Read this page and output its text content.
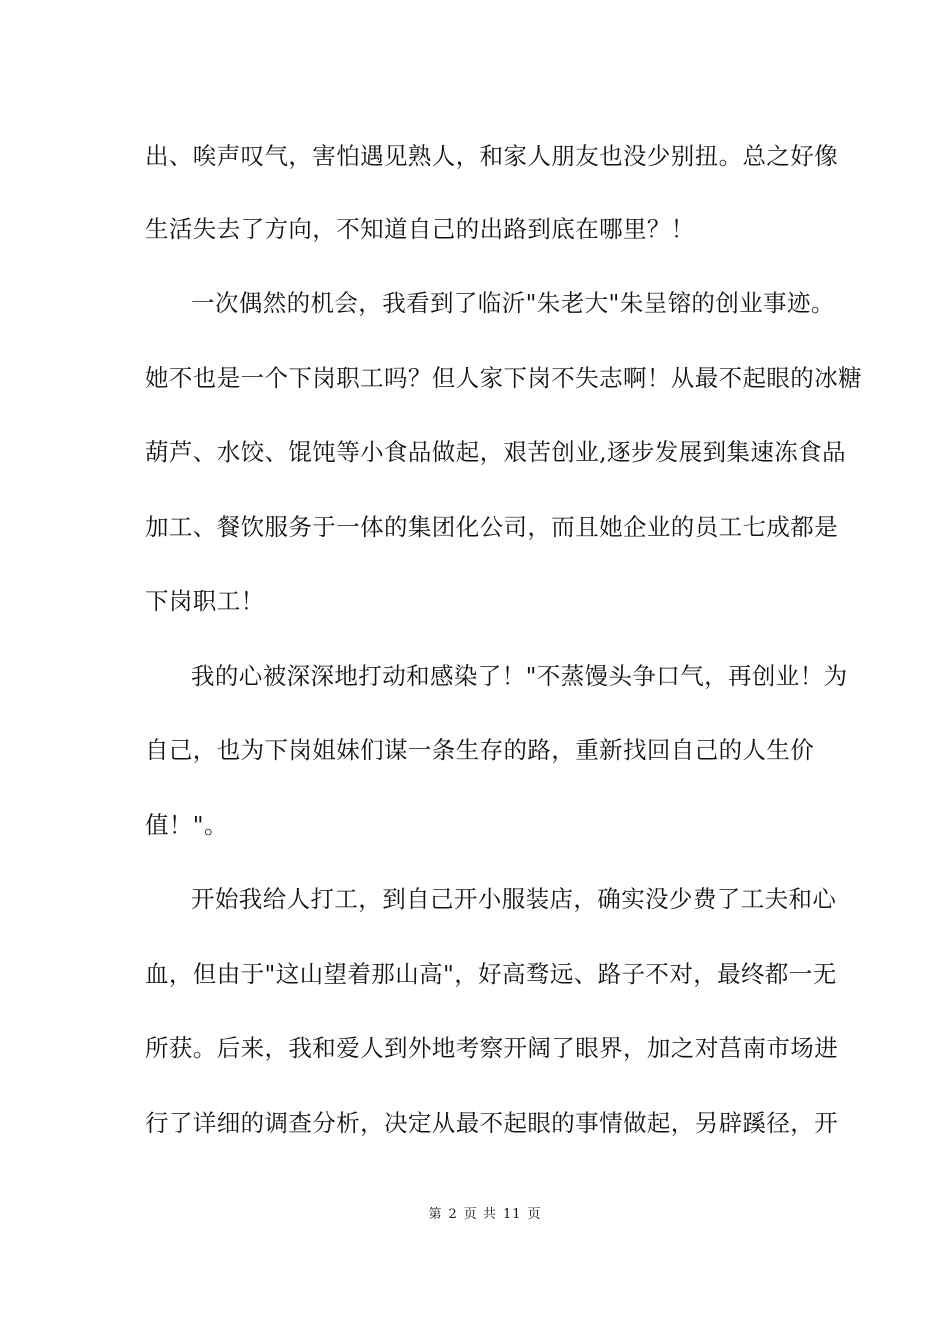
出、唉声叹气，害怕遇见熟人，和家人朋友也没少别扭。总之好像
生活失去了方向，不知道自己的出路到底在哪里？！
一次偶然的机会，我看到了临沂"朱老大"朱呈镕的创业事迹。
她不也是一个下岗职工吗？但人家下岗不失志啊！从最不起眼的冰糖
葫芦、水饺、馄饨等小食品做起，艰苦创业,逐步发展到集速冻食品
加工、餐饮服务于一体的集团化公司，而且她企业的员工七成都是
下岗职工！
我的心被深深地打动和感染了！"不蒸馒头争口气，再创业！为
自己，也为下岗姐妹们谋一条生存的路，重新找回自己的人生价
值！"。
开始我给人打工，到自己开小服装店，确实没少费了工夫和心
血，但由于"这山望着那山高"，好高骛远、路子不对，最终都一无
所获。后来，我和爱人到外地考察开阔了眼界，加之对莒南市场进
行了详细的调查分析，决定从最不起眼的事情做起，另辟蹊径，开
第 2 页 共 11 页
